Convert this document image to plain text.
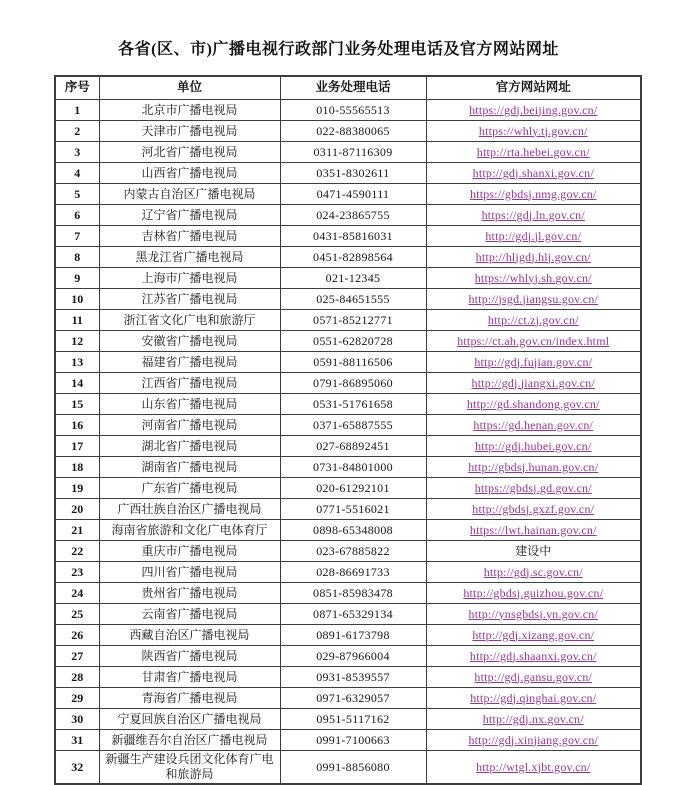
各省(区、市)广播电视行政部门业务处理电话及官方网站网址
序号	单位	业务处理电话	官方网站网址
1	北京市广播电视局	010-55565513	https://gdj.beijing.gov.cn/
2	天津市广播电视局	022-88380065	https://whly.tj.gov.cn/
3	河北省广播电视局	0311-87116309	http://rta.hebei.gov.cn/
4	山西省广播电视局	0351-8302611	http://gdj.shanxi.gov.cn/
5	内蒙古自治区广播电视局	0471-4590111	https://gbdsj.nmg.gov.cn/
6	辽宁省广播电视局	024-23865755	https://gdj.ln.gov.cn/
7	吉林省广播电视局	0431-85816031	http://gdj.jl.gov.cn/
8	黑龙江省广播电视局	0451-82898564	http://hljgdj.hlj.gov.cn/
9	上海市广播电视局	021-12345	https://whlyj.sh.gov.cn/
10	江苏省广播电视局	025-84651555	http://jsgd.jiangsu.gov.cn/
11	浙江省文化广电和旅游厅	0571-85212771	http://ct.zj.gov.cn/
12	安徽省广播电视局	0551-62820728	https://ct.ah.gov.cn/index.html
13	福建省广播电视局	0591-88116506	http://gdj.fujian.gov.cn/
14	江西省广播电视局	0791-86895060	http://gdj.jiangxi.gov.cn/
15	山东省广播电视局	0531-51761658	http://gd.shandong.gov.cn/
16	河南省广播电视局	0371-65887555	https://gd.henan.gov.cn/
17	湖北省广播电视局	027-68892451	http://gdj.hubei.gov.cn/
18	湖南省广播电视局	0731-84801000	http://gbdsj.hunan.gov.cn/
19	广东省广播电视局	020-61292101	https://gbdsj.gd.gov.cn/
20	广西壮族自治区广播电视局	0771-5516021	http://gbdsj.gxzf.gov.cn/
21	海南省旅游和文化广电体育厅	0898-65348008	https://lwt.hainan.gov.cn/
22	重庆市广播电视局	023-67885822	建设中
23	四川省广播电视局	028-86691733	http://gdj.sc.gov.cn/
24	贵州省广播电视局	0851-85983478	http://gbdsj.guizhou.gov.cn/
25	云南省广播电视局	0871-65329134	http://ynsgbdsj.yn.gov.cn/
26	西藏自治区广播电视局	0891-6173798	http://gdj.xizang.gov.cn/
27	陕西省广播电视局	029-87966004	http://gdj.shaanxi.gov.cn/
28	甘肃省广播电视局	0931-8539557	http://gdj.gansu.gov.cn/
29	青海省广播电视局	0971-6329057	http://gdj.qinghai.gov.cn/
30	宁夏回族自治区广播电视局	0951-5117162	http://gdj.nx.gov.cn/
31	新疆维吾尔自治区广播电视局	0991-7100663	http://gdj.xinjiang.gov.cn/
32	新疆生产建设兵团文化体育广电和旅游局	0991-8856080	http://wtgl.xjbt.gov.cn/
